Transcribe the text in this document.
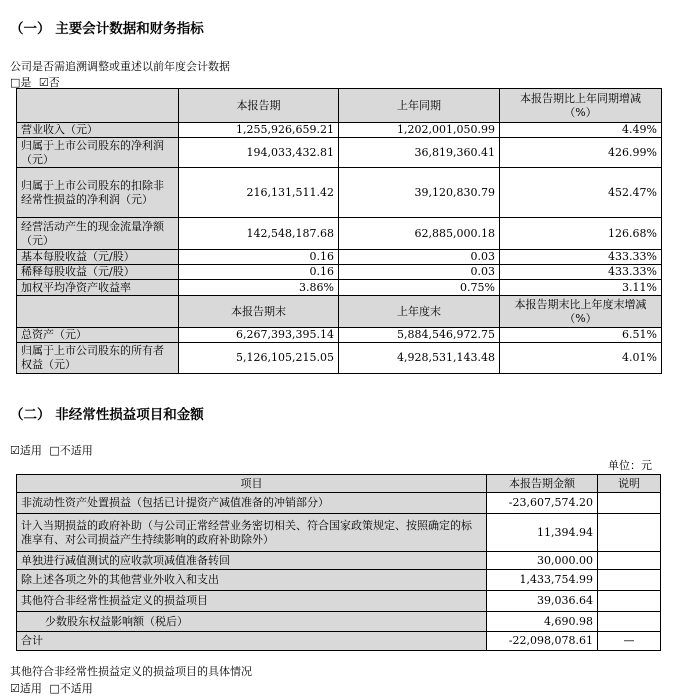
（一） 主要会计数据和财务指标
公司是否需追溯调整或重述以前年度会计数据
□是 ☑否
	本报告期	上年同期	本报告期比上年同期增减
（%）

营业收入（元）	1,255,926,659.21	1,202,001,050.99	4.49%
归属于上市公司股东的净利润（元）	194,033,432.81	36,819,360.41	426.99%
归属于上市公司股东的扣除非经常性损益的净利润（元）	216,131,511.42	39,120,830.79	452.47%
经营活动产生的现金流量净额（元）	142,548,187.68	62,885,000.18	126.68%
基本每股收益（元/股）	0.16	0.03	433.33%
稀释每股收益（元/股）	0.16	0.03	433.33%
加权平均净资产收益率	3.86%	0.75%	3.11%
	本报告期末	上年度末	本报告期末比上年度末增减
（%）

总资产（元）	6,267,393,395.14	5,884,546,972.75	6.51%
归属于上市公司股东的所有者权益（元）	5,126,105,215.05	4,928,531,143.48	4.01%
（二） 非经常性损益项目和金额
☑适用 □不适用
单位：元
项目	本报告期金额	说明
非流动性资产处置损益（包括已计提资产减值准备的冲销部分）	-23,607,574.20	
计入当期损益的政府补助（与公司正常经营业务密切相关、符合国家政策规定、按照确定的标准享有、对公司损益产生持续影响的政府补助除外）	11,394.94	
单独进行减值测试的应收款项减值准备转回	30,000.00	
除上述各项之外的其他营业外收入和支出	1,433,754.99	
其他符合非经常性损益定义的损益项目	39,036.64	
少数股东权益影响额（税后）	4,690.98	
合计	-22,098,078.61	—
其他符合非经常性损益定义的损益项目的具体情况
☑适用 □不适用
